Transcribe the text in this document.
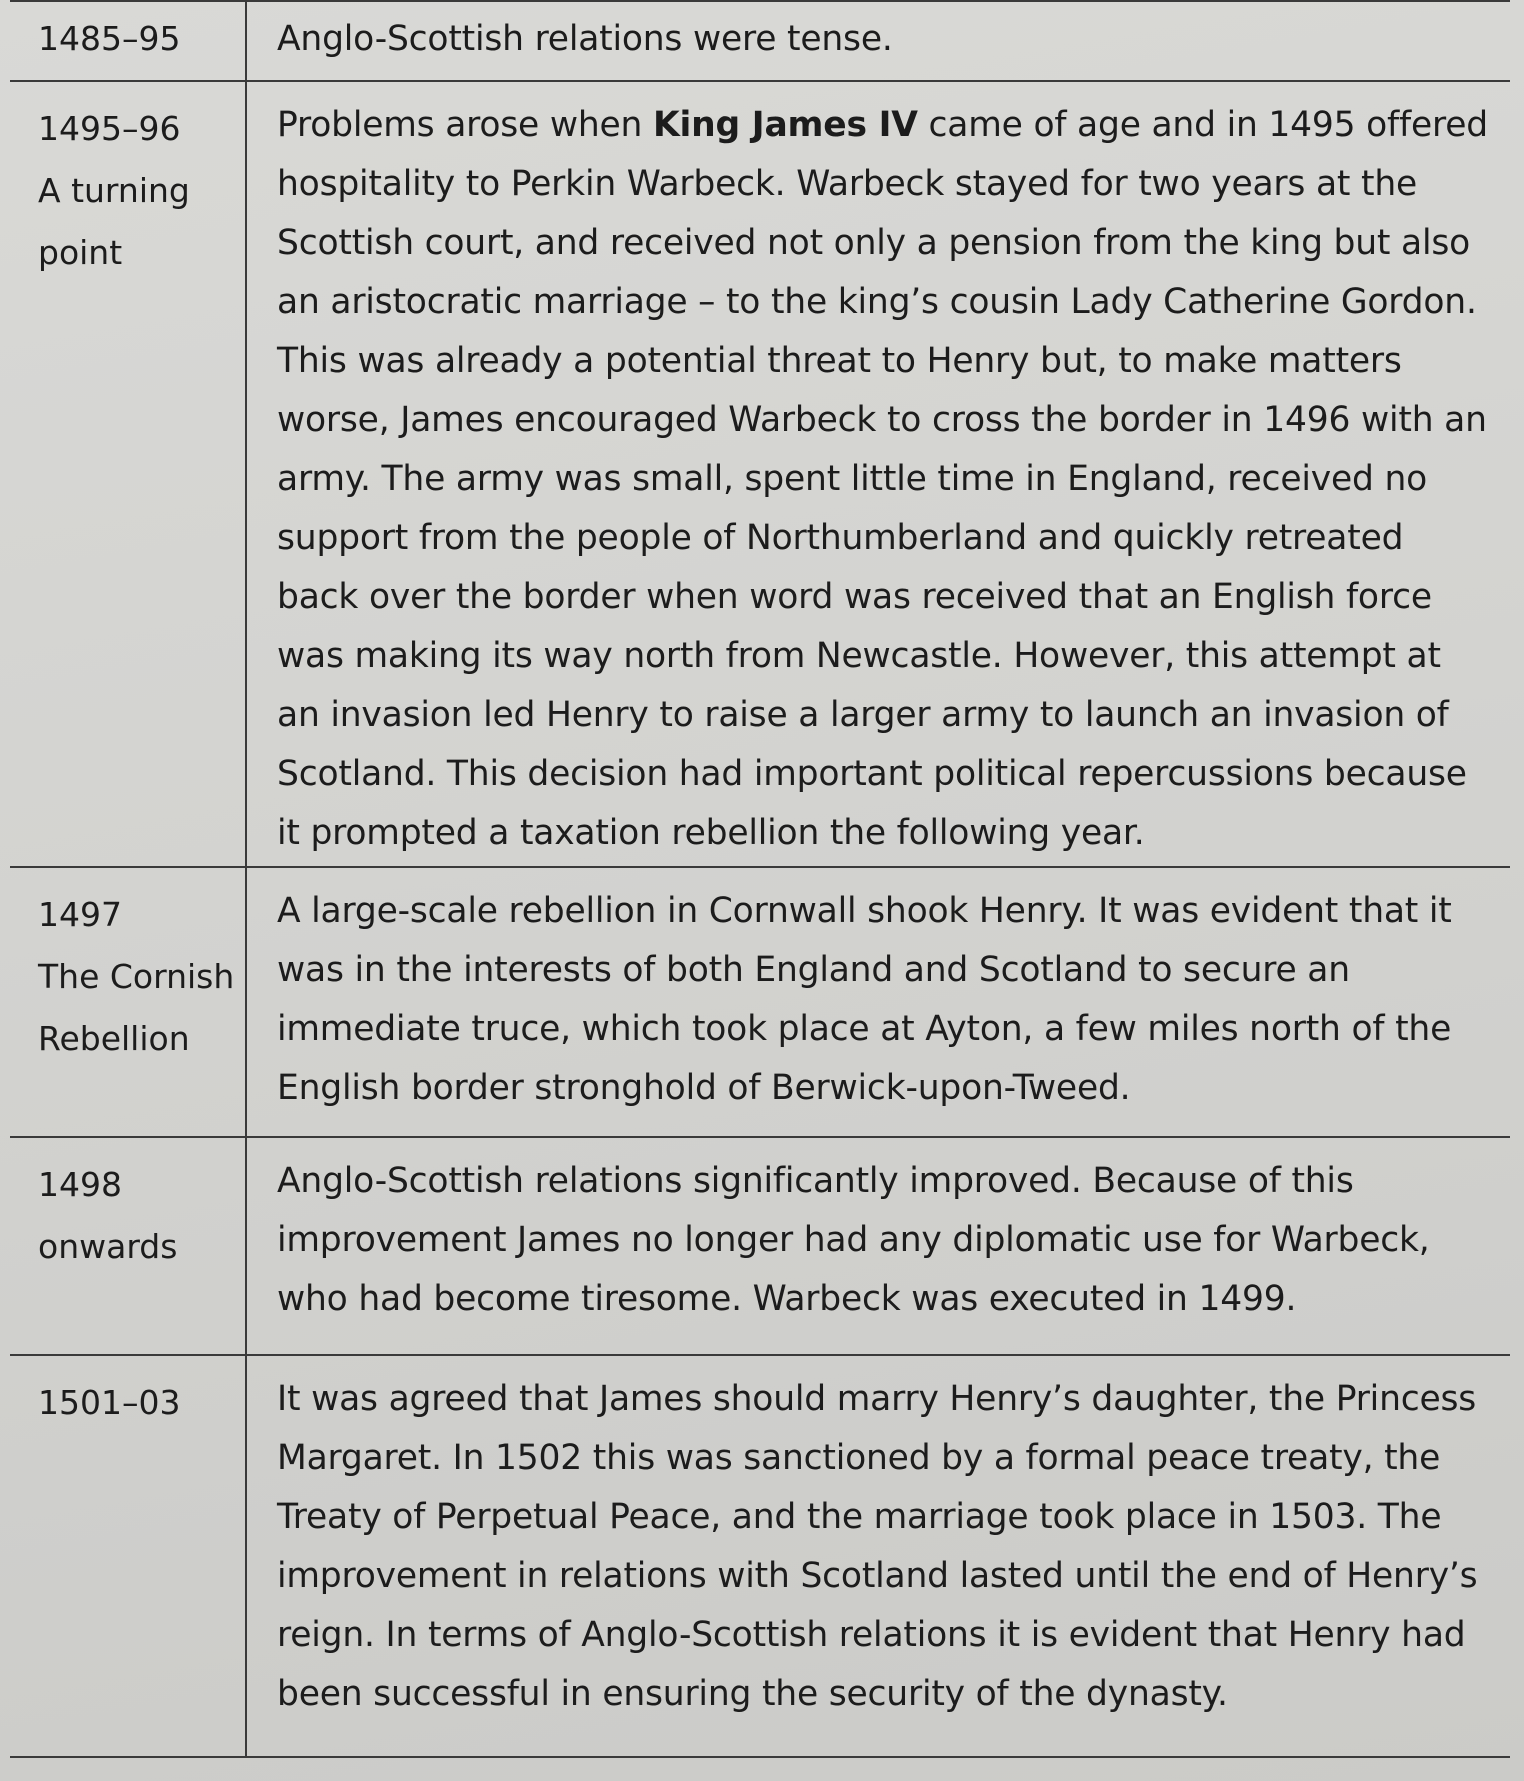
1485–95	Anglo-Scottish relations were tense.
1495–96
A turning point
Problems arose when King James IV came of age and in 1495 offered hospitality to Perkin Warbeck. Warbeck stayed for two years at the Scottish court, and received not only a pension from the king but also an aristocratic marriage – to the king’s cousin Lady Catherine Gordon. This was already a potential threat to Henry but, to make matters worse, James encouraged Warbeck to cross the border in 1496 with an army. The army was small, spent little time in England, received no support from the people of Northumberland and quickly retreated back over the border when word was received that an English force was making its way north from Newcastle. However, this attempt at an invasion led Henry to raise a larger army to launch an invasion of Scotland. This decision had important political repercussions because it prompted a taxation rebellion the following year.
1497
The Cornish Rebellion
A large-scale rebellion in Cornwall shook Henry. It was evident that it was in the interests of both England and Scotland to secure an immediate truce, which took place at Ayton, a few miles north of the English border stronghold of Berwick-upon-Tweed.
1498
onwards
Anglo-Scottish relations significantly improved. Because of this improvement James no longer had any diplomatic use for Warbeck, who had become tiresome. Warbeck was executed in 1499.
1501–03	It was agreed that James should marry Henry’s daughter, the Princess Margaret. In 1502 this was sanctioned by a formal peace treaty, the Treaty of Perpetual Peace, and the marriage took place in 1503. The improvement in relations with Scotland lasted until the end of Henry’s reign. In terms of Anglo-Scottish relations it is evident that Henry had been successful in ensuring the security of the dynasty.
